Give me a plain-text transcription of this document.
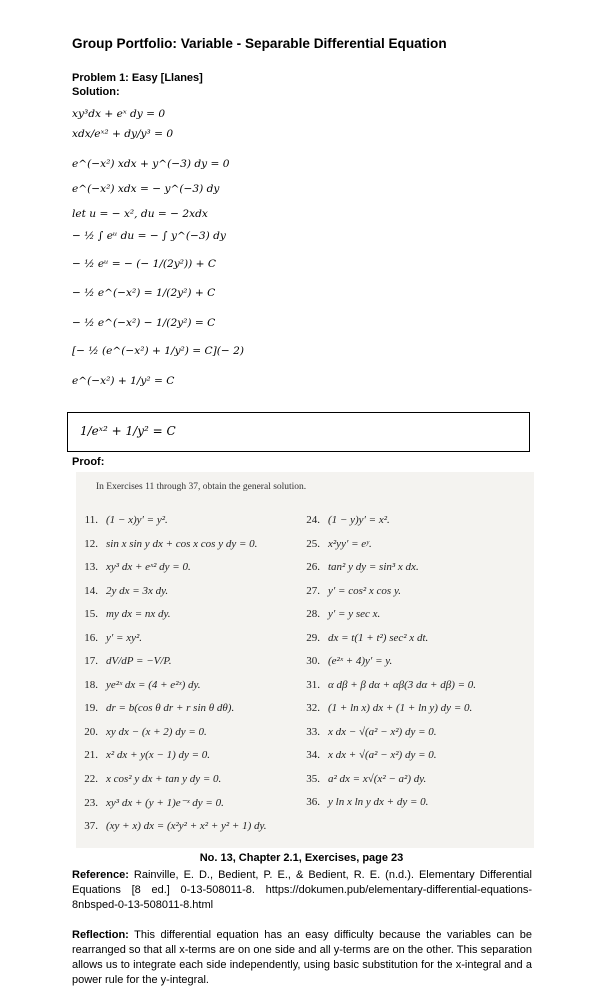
Group Portfolio: Variable - Separable Differential Equation
Problem 1: Easy [Llanes]
Solution:
xy³dx + eˣ dy = 0
xdx/eˣ² + dy/y³ = 0
e^(−x²) xdx + y^(−3) dy = 0
e^(−x²) xdx = − y^(−3) dy
let u = − x², du = − 2xdx
− ½ ∫ eᵘ du = − ∫ y^(−3) dy
− ½ eᵘ = − (− 1/(2y²)) + C
− ½ e^(−x²) = 1/(2y²) + C
− ½ e^(−x²) − 1/(2y²) = C
[− ½ (e^(−x²) + 1/y²) = C](− 2)
e^(−x²) + 1/y² = C
1/eˣ² + 1/y² = C
Proof:
In Exercises 11 through 37, obtain the general solution.
11. (1 − x)y′ = y².
12. sin x sin y dx + cos x cos y dy = 0.
13. xy³ dx + eˣ² dy = 0.
14. 2y dx = 3x dy.
15. my dx = nx dy.
16. y′ = xy².
17. dV/dP = −V/P.
18. ye²ˣ dx = (4 + e²ˣ) dy.
19. dr = b(cos θ dr + r sin θ dθ).
20. xy dx − (x + 2) dy = 0.
21. x² dx + y(x − 1) dy = 0.
22. x cos² y dx + tan y dy = 0.
23. xy³ dx + (y + 1)e⁻ˣ dy = 0.
37. (xy + x) dx = (x²y² + x² + y² + 1) dy.
24. (1 − y)y′ = x².
25. x²yy′ = eʸ.
26. tan² y dy = sin³ x dx.
27. y′ = cos² x cos y.
28. y′ = y sec x.
29. dx = t(1 + t²) sec² x dt.
30. (e²ˣ + 4)y′ = y.
31. α dβ + β dα + αβ(3 dα + dβ) = 0.
32. (1 + ln x) dx + (1 + ln y) dy = 0.
33. x dx − √(a² − x²) dy = 0.
34. x dx + √(a² − x²) dy = 0.
35. a² dx = x√(x² − a²) dy.
36. y ln x ln y dx + dy = 0.
No. 13, Chapter 2.1, Exercises, page 23
Reference: Rainville, E. D., Bedient, P. E., & Bedient, R. E. (n.d.). Elementary Differential Equations [8 ed.] 0-13-508011-8. https://dokumen.pub/elementary-differential-equations-8nbsped-0-13-508011-8.html
Reflection: This differential equation has an easy difficulty because the variables can be rearranged so that all x-terms are on one side and all y-terms are on the other. This separation allows us to integrate each side independently, using basic substitution for the x-integral and a power rule for the y-integral.
